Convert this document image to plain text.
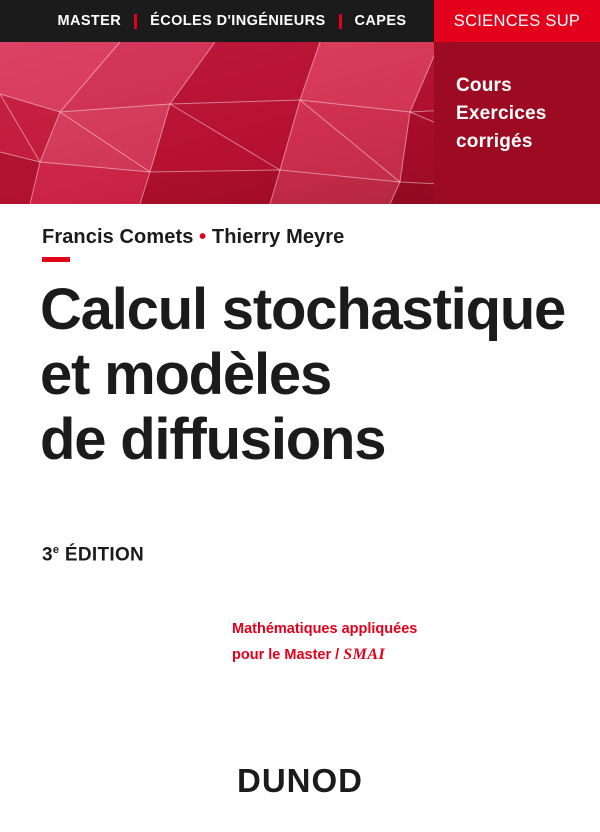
MASTER	ÉCOLES D'INGÉNIEURS	CAPES	SCIENCES SUP
Cours
Exercices
corrigés
Francis Comets • Thierry Meyre
Calcul stochastique
et modèles
de diffusions
3e ÉDITION
Mathématiques appliquées
pour le Master / SMAI
DUNOD
